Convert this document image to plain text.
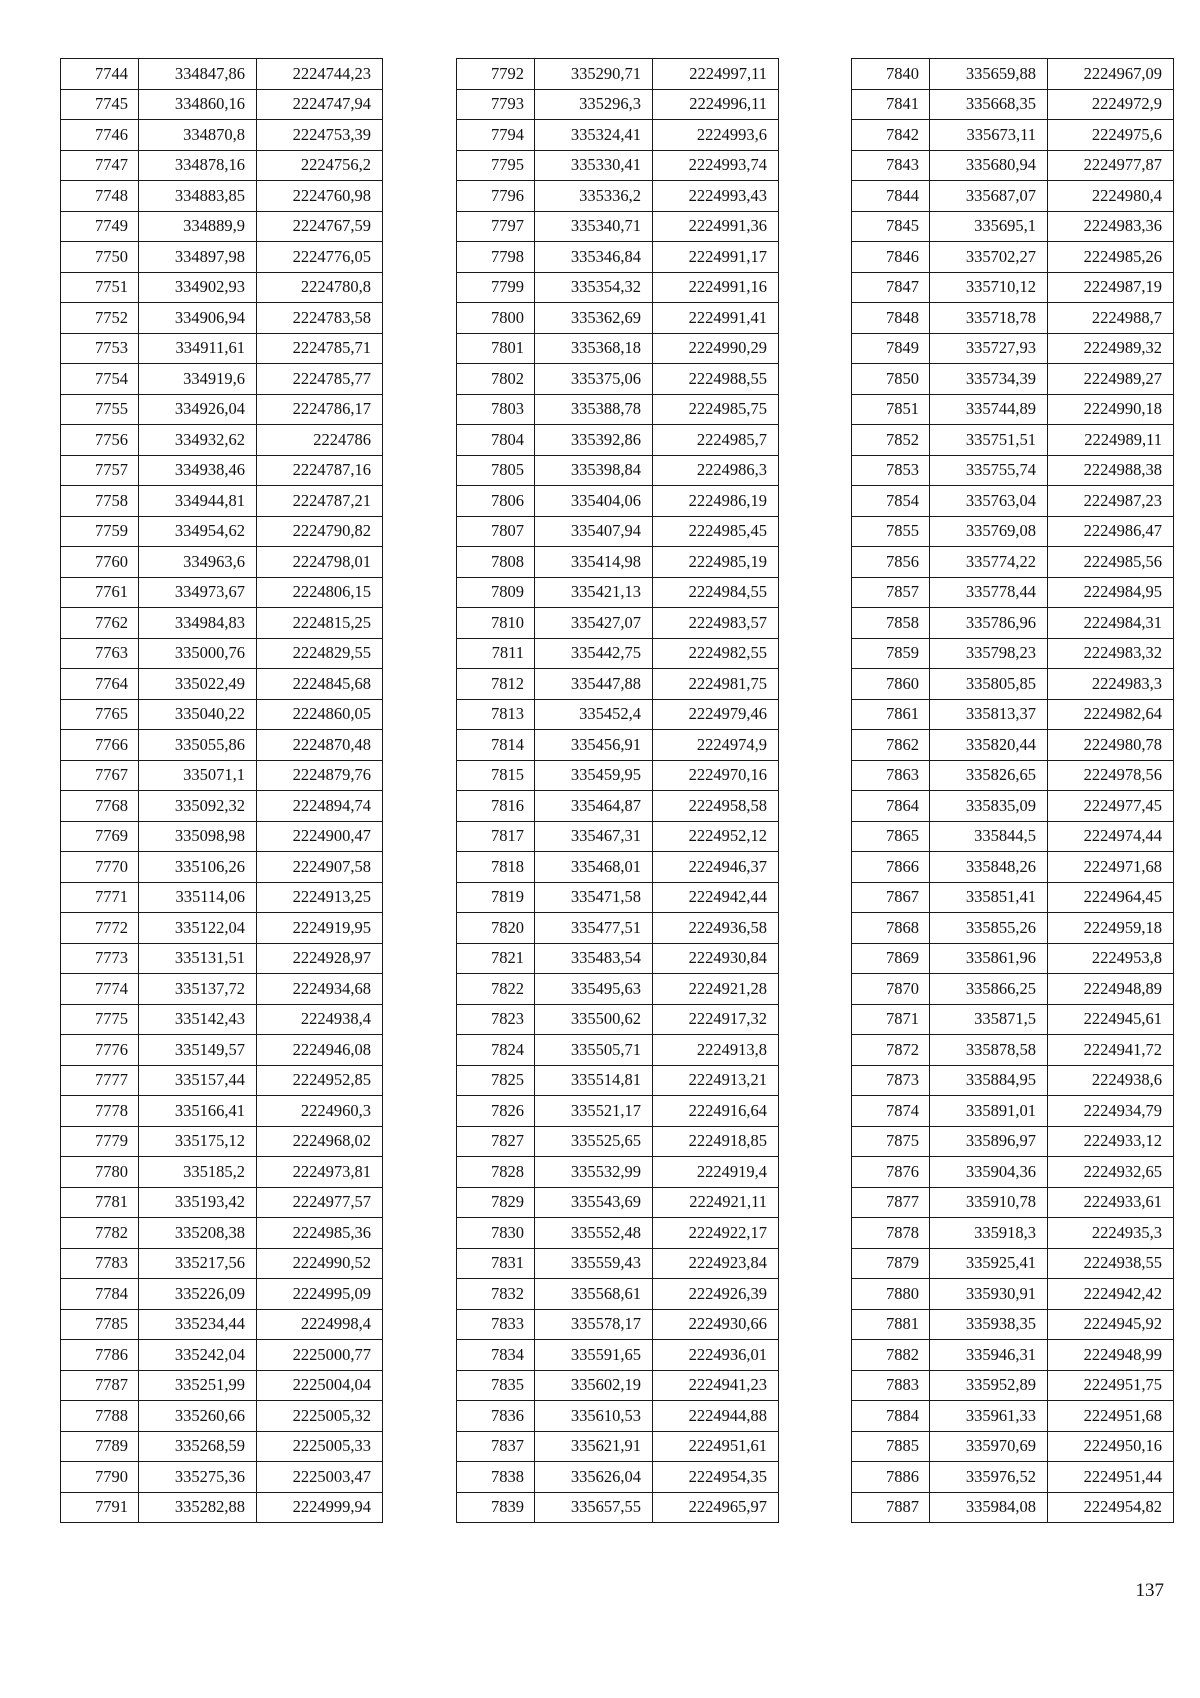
7744	334847,86	2224744,23
7745	334860,16	2224747,94
7746	334870,8	2224753,39
7747	334878,16	2224756,2
7748	334883,85	2224760,98
7749	334889,9	2224767,59
7750	334897,98	2224776,05
7751	334902,93	2224780,8
7752	334906,94	2224783,58
7753	334911,61	2224785,71
7754	334919,6	2224785,77
7755	334926,04	2224786,17
7756	334932,62	2224786
7757	334938,46	2224787,16
7758	334944,81	2224787,21
7759	334954,62	2224790,82
7760	334963,6	2224798,01
7761	334973,67	2224806,15
7762	334984,83	2224815,25
7763	335000,76	2224829,55
7764	335022,49	2224845,68
7765	335040,22	2224860,05
7766	335055,86	2224870,48
7767	335071,1	2224879,76
7768	335092,32	2224894,74
7769	335098,98	2224900,47
7770	335106,26	2224907,58
7771	335114,06	2224913,25
7772	335122,04	2224919,95
7773	335131,51	2224928,97
7774	335137,72	2224934,68
7775	335142,43	2224938,4
7776	335149,57	2224946,08
7777	335157,44	2224952,85
7778	335166,41	2224960,3
7779	335175,12	2224968,02
7780	335185,2	2224973,81
7781	335193,42	2224977,57
7782	335208,38	2224985,36
7783	335217,56	2224990,52
7784	335226,09	2224995,09
7785	335234,44	2224998,4
7786	335242,04	2225000,77
7787	335251,99	2225004,04
7788	335260,66	2225005,32
7789	335268,59	2225005,33
7790	335275,36	2225003,47
7791	335282,88	2224999,94
7792	335290,71	2224997,11
7793	335296,3	2224996,11
7794	335324,41	2224993,6
7795	335330,41	2224993,74
7796	335336,2	2224993,43
7797	335340,71	2224991,36
7798	335346,84	2224991,17
7799	335354,32	2224991,16
7800	335362,69	2224991,41
7801	335368,18	2224990,29
7802	335375,06	2224988,55
7803	335388,78	2224985,75
7804	335392,86	2224985,7
7805	335398,84	2224986,3
7806	335404,06	2224986,19
7807	335407,94	2224985,45
7808	335414,98	2224985,19
7809	335421,13	2224984,55
7810	335427,07	2224983,57
7811	335442,75	2224982,55
7812	335447,88	2224981,75
7813	335452,4	2224979,46
7814	335456,91	2224974,9
7815	335459,95	2224970,16
7816	335464,87	2224958,58
7817	335467,31	2224952,12
7818	335468,01	2224946,37
7819	335471,58	2224942,44
7820	335477,51	2224936,58
7821	335483,54	2224930,84
7822	335495,63	2224921,28
7823	335500,62	2224917,32
7824	335505,71	2224913,8
7825	335514,81	2224913,21
7826	335521,17	2224916,64
7827	335525,65	2224918,85
7828	335532,99	2224919,4
7829	335543,69	2224921,11
7830	335552,48	2224922,17
7831	335559,43	2224923,84
7832	335568,61	2224926,39
7833	335578,17	2224930,66
7834	335591,65	2224936,01
7835	335602,19	2224941,23
7836	335610,53	2224944,88
7837	335621,91	2224951,61
7838	335626,04	2224954,35
7839	335657,55	2224965,97
7840	335659,88	2224967,09
7841	335668,35	2224972,9
7842	335673,11	2224975,6
7843	335680,94	2224977,87
7844	335687,07	2224980,4
7845	335695,1	2224983,36
7846	335702,27	2224985,26
7847	335710,12	2224987,19
7848	335718,78	2224988,7
7849	335727,93	2224989,32
7850	335734,39	2224989,27
7851	335744,89	2224990,18
7852	335751,51	2224989,11
7853	335755,74	2224988,38
7854	335763,04	2224987,23
7855	335769,08	2224986,47
7856	335774,22	2224985,56
7857	335778,44	2224984,95
7858	335786,96	2224984,31
7859	335798,23	2224983,32
7860	335805,85	2224983,3
7861	335813,37	2224982,64
7862	335820,44	2224980,78
7863	335826,65	2224978,56
7864	335835,09	2224977,45
7865	335844,5	2224974,44
7866	335848,26	2224971,68
7867	335851,41	2224964,45
7868	335855,26	2224959,18
7869	335861,96	2224953,8
7870	335866,25	2224948,89
7871	335871,5	2224945,61
7872	335878,58	2224941,72
7873	335884,95	2224938,6
7874	335891,01	2224934,79
7875	335896,97	2224933,12
7876	335904,36	2224932,65
7877	335910,78	2224933,61
7878	335918,3	2224935,3
7879	335925,41	2224938,55
7880	335930,91	2224942,42
7881	335938,35	2224945,92
7882	335946,31	2224948,99
7883	335952,89	2224951,75
7884	335961,33	2224951,68
7885	335970,69	2224950,16
7886	335976,52	2224951,44
7887	335984,08	2224954,82
137
